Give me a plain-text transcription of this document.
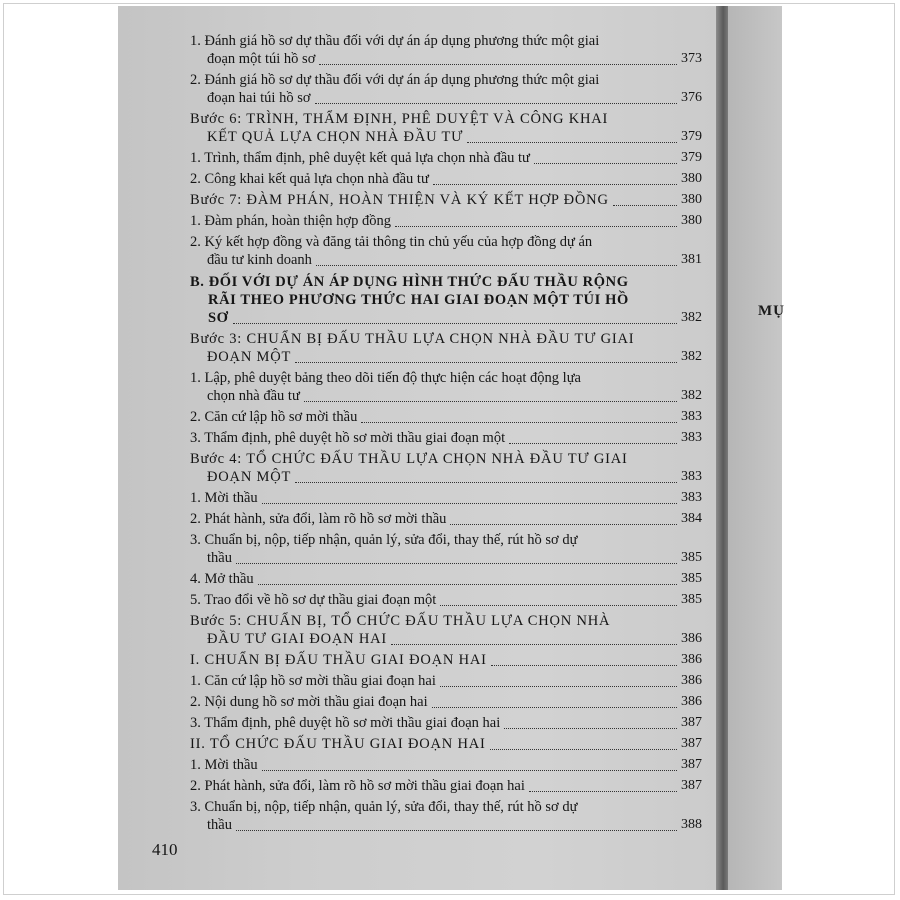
1. Đánh giá hồ sơ dự thầu đối với dự án áp dụng phương thức một giai
đoạn một túi hồ sơ	373
2. Đánh giá hồ sơ dự thầu đối với dự án áp dụng phương thức một giai
đoạn hai túi hồ sơ	376
Bước 6: TRÌNH, THẨM ĐỊNH, PHÊ DUYỆT VÀ CÔNG KHAI
KẾT QUẢ LỰA CHỌN NHÀ ĐẦU TƯ	379
1. Trình, thẩm định, phê duyệt kết quả lựa chọn nhà đầu tư	379
2. Công khai kết quả lựa chọn nhà đầu tư	380
Bước 7: ĐÀM PHÁN, HOÀN THIỆN VÀ KÝ KẾT HỢP ĐỒNG	380
1. Đàm phán, hoàn thiện hợp đồng	380
2. Ký kết hợp đồng và đăng tải thông tin chủ yếu của hợp đồng dự án
đầu tư kinh doanh	381
B. ĐỐI VỚI DỰ ÁN ÁP DỤNG HÌNH THỨC ĐẤU THẦU RỘNG
RÃI THEO PHƯƠNG THỨC HAI GIAI ĐOẠN MỘT TÚI HỒ
SƠ	382
Bước 3: CHUẨN BỊ ĐẤU THẦU LỰA CHỌN NHÀ ĐẦU TƯ GIAI
ĐOẠN MỘT	382
1. Lập, phê duyệt bảng theo dõi tiến độ thực hiện các hoạt động lựa
chọn nhà đầu tư	382
2. Căn cứ lập hồ sơ mời thầu	383
3. Thẩm định, phê duyệt hồ sơ mời thầu giai đoạn một	383
Bước 4: TỔ CHỨC ĐẤU THẦU LỰA CHỌN NHÀ ĐẦU TƯ GIAI
ĐOẠN MỘT	383
1. Mời thầu	383
2. Phát hành, sửa đổi, làm rõ hồ sơ mời thầu	384
3. Chuẩn bị, nộp, tiếp nhận, quản lý, sửa đổi, thay thế, rút hồ sơ dự
thầu	385
4. Mở thầu	385
5. Trao đổi về hồ sơ dự thầu giai đoạn một	385
Bước 5: CHUẨN BỊ, TỔ CHỨC ĐẤU THẦU LỰA CHỌN NHÀ
ĐẦU TƯ GIAI ĐOẠN HAI	386
I. CHUẨN BỊ ĐẤU THẦU GIAI ĐOẠN HAI	386
1. Căn cứ lập hồ sơ mời thầu giai đoạn hai	386
2. Nội dung hồ sơ mời thầu giai đoạn hai	386
3. Thẩm định, phê duyệt hồ sơ mời thầu giai đoạn hai	387
II. TỔ CHỨC ĐẤU THẦU GIAI ĐOẠN HAI	387
1. Mời thầu	387
2. Phát hành, sửa đổi, làm rõ hồ sơ mời thầu giai đoạn hai	387
3. Chuẩn bị, nộp, tiếp nhận, quản lý, sửa đổi, thay thế, rút hồ sơ dự
thầu	388
410
MỤ
